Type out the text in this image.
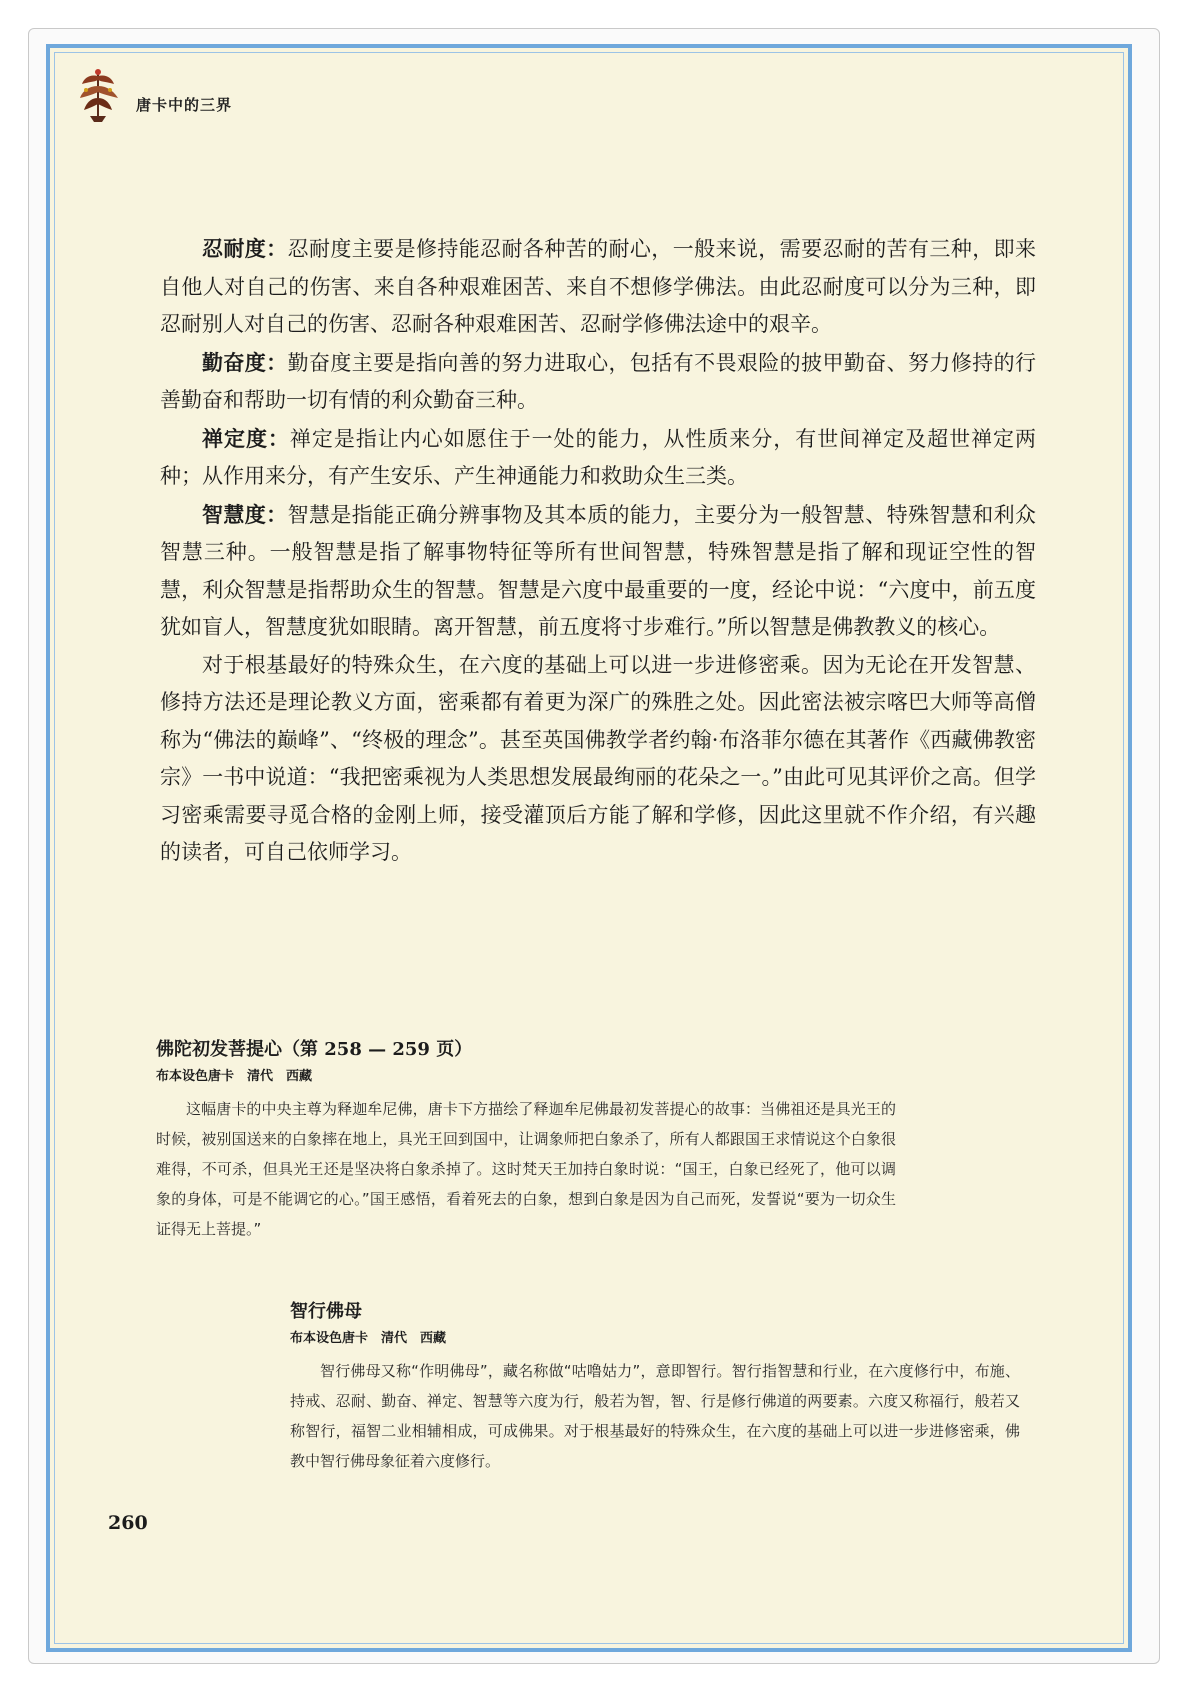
唐卡中的三界

忍耐度：忍耐度主要是修持能忍耐各种苦的耐心，一般来说，需要忍耐的苦有三种，即来自他人对自己的伤害、来自各种艰难困苦、来自不想修学佛法。由此忍耐度可以分为三种，即忍耐别人对自己的伤害、忍耐各种艰难困苦、忍耐学修佛法途中的艰辛。

勤奋度：勤奋度主要是指向善的努力进取心，包括有不畏艰险的披甲勤奋、努力修持的行善勤奋和帮助一切有情的利众勤奋三种。

禅定度：禅定是指让内心如愿住于一处的能力，从性质来分，有世间禅定及超世禅定两种；从作用来分，有产生安乐、产生神通能力和救助众生三类。

智慧度：智慧是指能正确分辨事物及其本质的能力，主要分为一般智慧、特殊智慧和利众智慧三种。一般智慧是指了解事物特征等所有世间智慧，特殊智慧是指了解和现证空性的智慧，利众智慧是指帮助众生的智慧。智慧是六度中最重要的一度，经论中说：“六度中，前五度犹如盲人，智慧度犹如眼睛。离开智慧，前五度将寸步难行。”所以智慧是佛教教义的核心。

对于根基最好的特殊众生，在六度的基础上可以进一步进修密乘。因为无论在开发智慧、修持方法还是理论教义方面，密乘都有着更为深广的殊胜之处。因此密法被宗喀巴大师等高僧称为“佛法的巅峰”、“终极的理念”。甚至英国佛教学者约翰·布洛菲尔德在其著作《西藏佛教密宗》一书中说道：“我把密乘视为人类思想发展最绚丽的花朵之一。”由此可见其评价之高。但学习密乘需要寻觅合格的金刚上师，接受灌顶后方能了解和学修，因此这里就不作介绍，有兴趣的读者，可自己依师学习。

佛陀初发菩提心（第 258 — 259 页）
布本设色唐卡　清代　西藏
这幅唐卡的中央主尊为释迦牟尼佛，唐卡下方描绘了释迦牟尼佛最初发菩提心的故事：当佛祖还是具光王的时候，被别国送来的白象摔在地上，具光王回到国中，让调象师把白象杀了，所有人都跟国王求情说这个白象很难得，不可杀，但具光王还是坚决将白象杀掉了。这时梵天王加持白象时说：“国王，白象已经死了，他可以调象的身体，可是不能调它的心。”国王感悟，看着死去的白象，想到白象是因为自己而死，发誓说“要为一切众生证得无上菩提。”
智行佛母
布本设色唐卡　清代　西藏
智行佛母又称“作明佛母”，藏名称做“咕噜姑力”，意即智行。智行指智慧和行业，在六度修行中，布施、持戒、忍耐、勤奋、禅定、智慧等六度为行，般若为智，智、行是修行佛道的两要素。六度又称福行，般若又称智行，福智二业相辅相成，可成佛果。对于根基最好的特殊众生，在六度的基础上可以进一步进修密乘，佛教中智行佛母象征着六度修行。
260
